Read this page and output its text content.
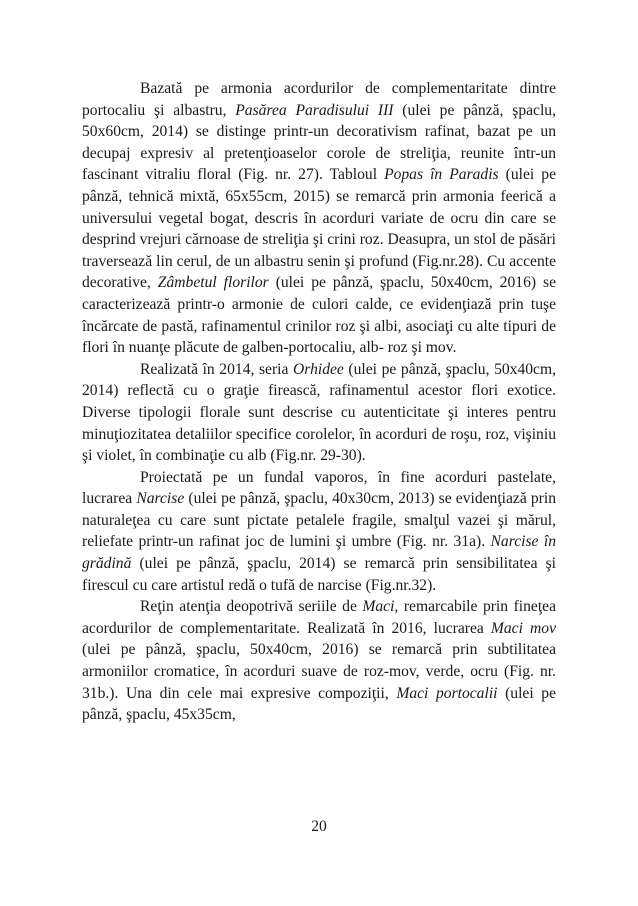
Bazată pe armonia acordurilor de complementaritate dintre portocaliu şi albastru, Pasărea Paradisului III (ulei pe pânză, şpaclu, 50x60cm, 2014) se distinge printr-un decorativism rafinat, bazat pe un decupaj expresiv al pretenţioaselor corole de streliţia, reunite într-un fascinant vitraliu floral (Fig. nr. 27). Tabloul Popas în Paradis (ulei pe pânză, tehnică mixtă, 65x55cm, 2015) se remarcă prin armonia feerică a universului vegetal bogat, descris în acorduri variate de ocru din care se desprind vrejuri cărnoase de streliţia şi crini roz. Deasupra, un stol de păsări traversează lin cerul, de un albastru senin şi profund (Fig.nr.28). Cu accente decorative, Zâmbetul florilor (ulei pe pânză, şpaclu, 50x40cm, 2016) se caracterizează printr-o armonie de culori calde, ce evidenţiază prin tuşe încărcate de pastă, rafinamentul crinilor roz şi albi, asociaţi cu alte tipuri de flori în nuanţe plăcute de galben-portocaliu, alb- roz şi mov.

Realizată în 2014, seria Orhidee (ulei pe pânză, şpaclu, 50x40cm, 2014) reflectă cu o graţie firească, rafinamentul acestor flori exotice. Diverse tipologii florale sunt descrise cu autenticitate şi interes pentru minuţiozitatea detaliilor specifice corolelor, în acorduri de roşu, roz, vişiniu şi violet, în combinaţie cu alb (Fig.nr. 29-30).

Proiectată pe un fundal vaporos, în fine acorduri pastelate, lucrarea Narcise (ulei pe pânză, şpaclu, 40x30cm, 2013) se evidenţiază prin naturaleţea cu care sunt pictate petalele fragile, smalţul vazei şi mărul, reliefate printr-un rafinat joc de lumini şi umbre (Fig. nr. 31a). Narcise în grădină (ulei pe pânză, şpaclu, 2014) se remarcă prin sensibilitatea şi firescul cu care artistul redă o tufă de narcise (Fig.nr.32).

Reţin atenţia deopotrivă seriile de Maci, remarcabile prin fineţea acordurilor de complementaritate. Realizată în 2016, lucrarea Maci mov (ulei pe pânză, şpaclu, 50x40cm, 2016) se remarcă prin subtilitatea armoniilor cromatice, în acorduri suave de roz-mov, verde, ocru (Fig. nr. 31b.). Una din cele mai expresive compoziţii, Maci portocalii (ulei pe pânză, şpaclu, 45x35cm,

20
